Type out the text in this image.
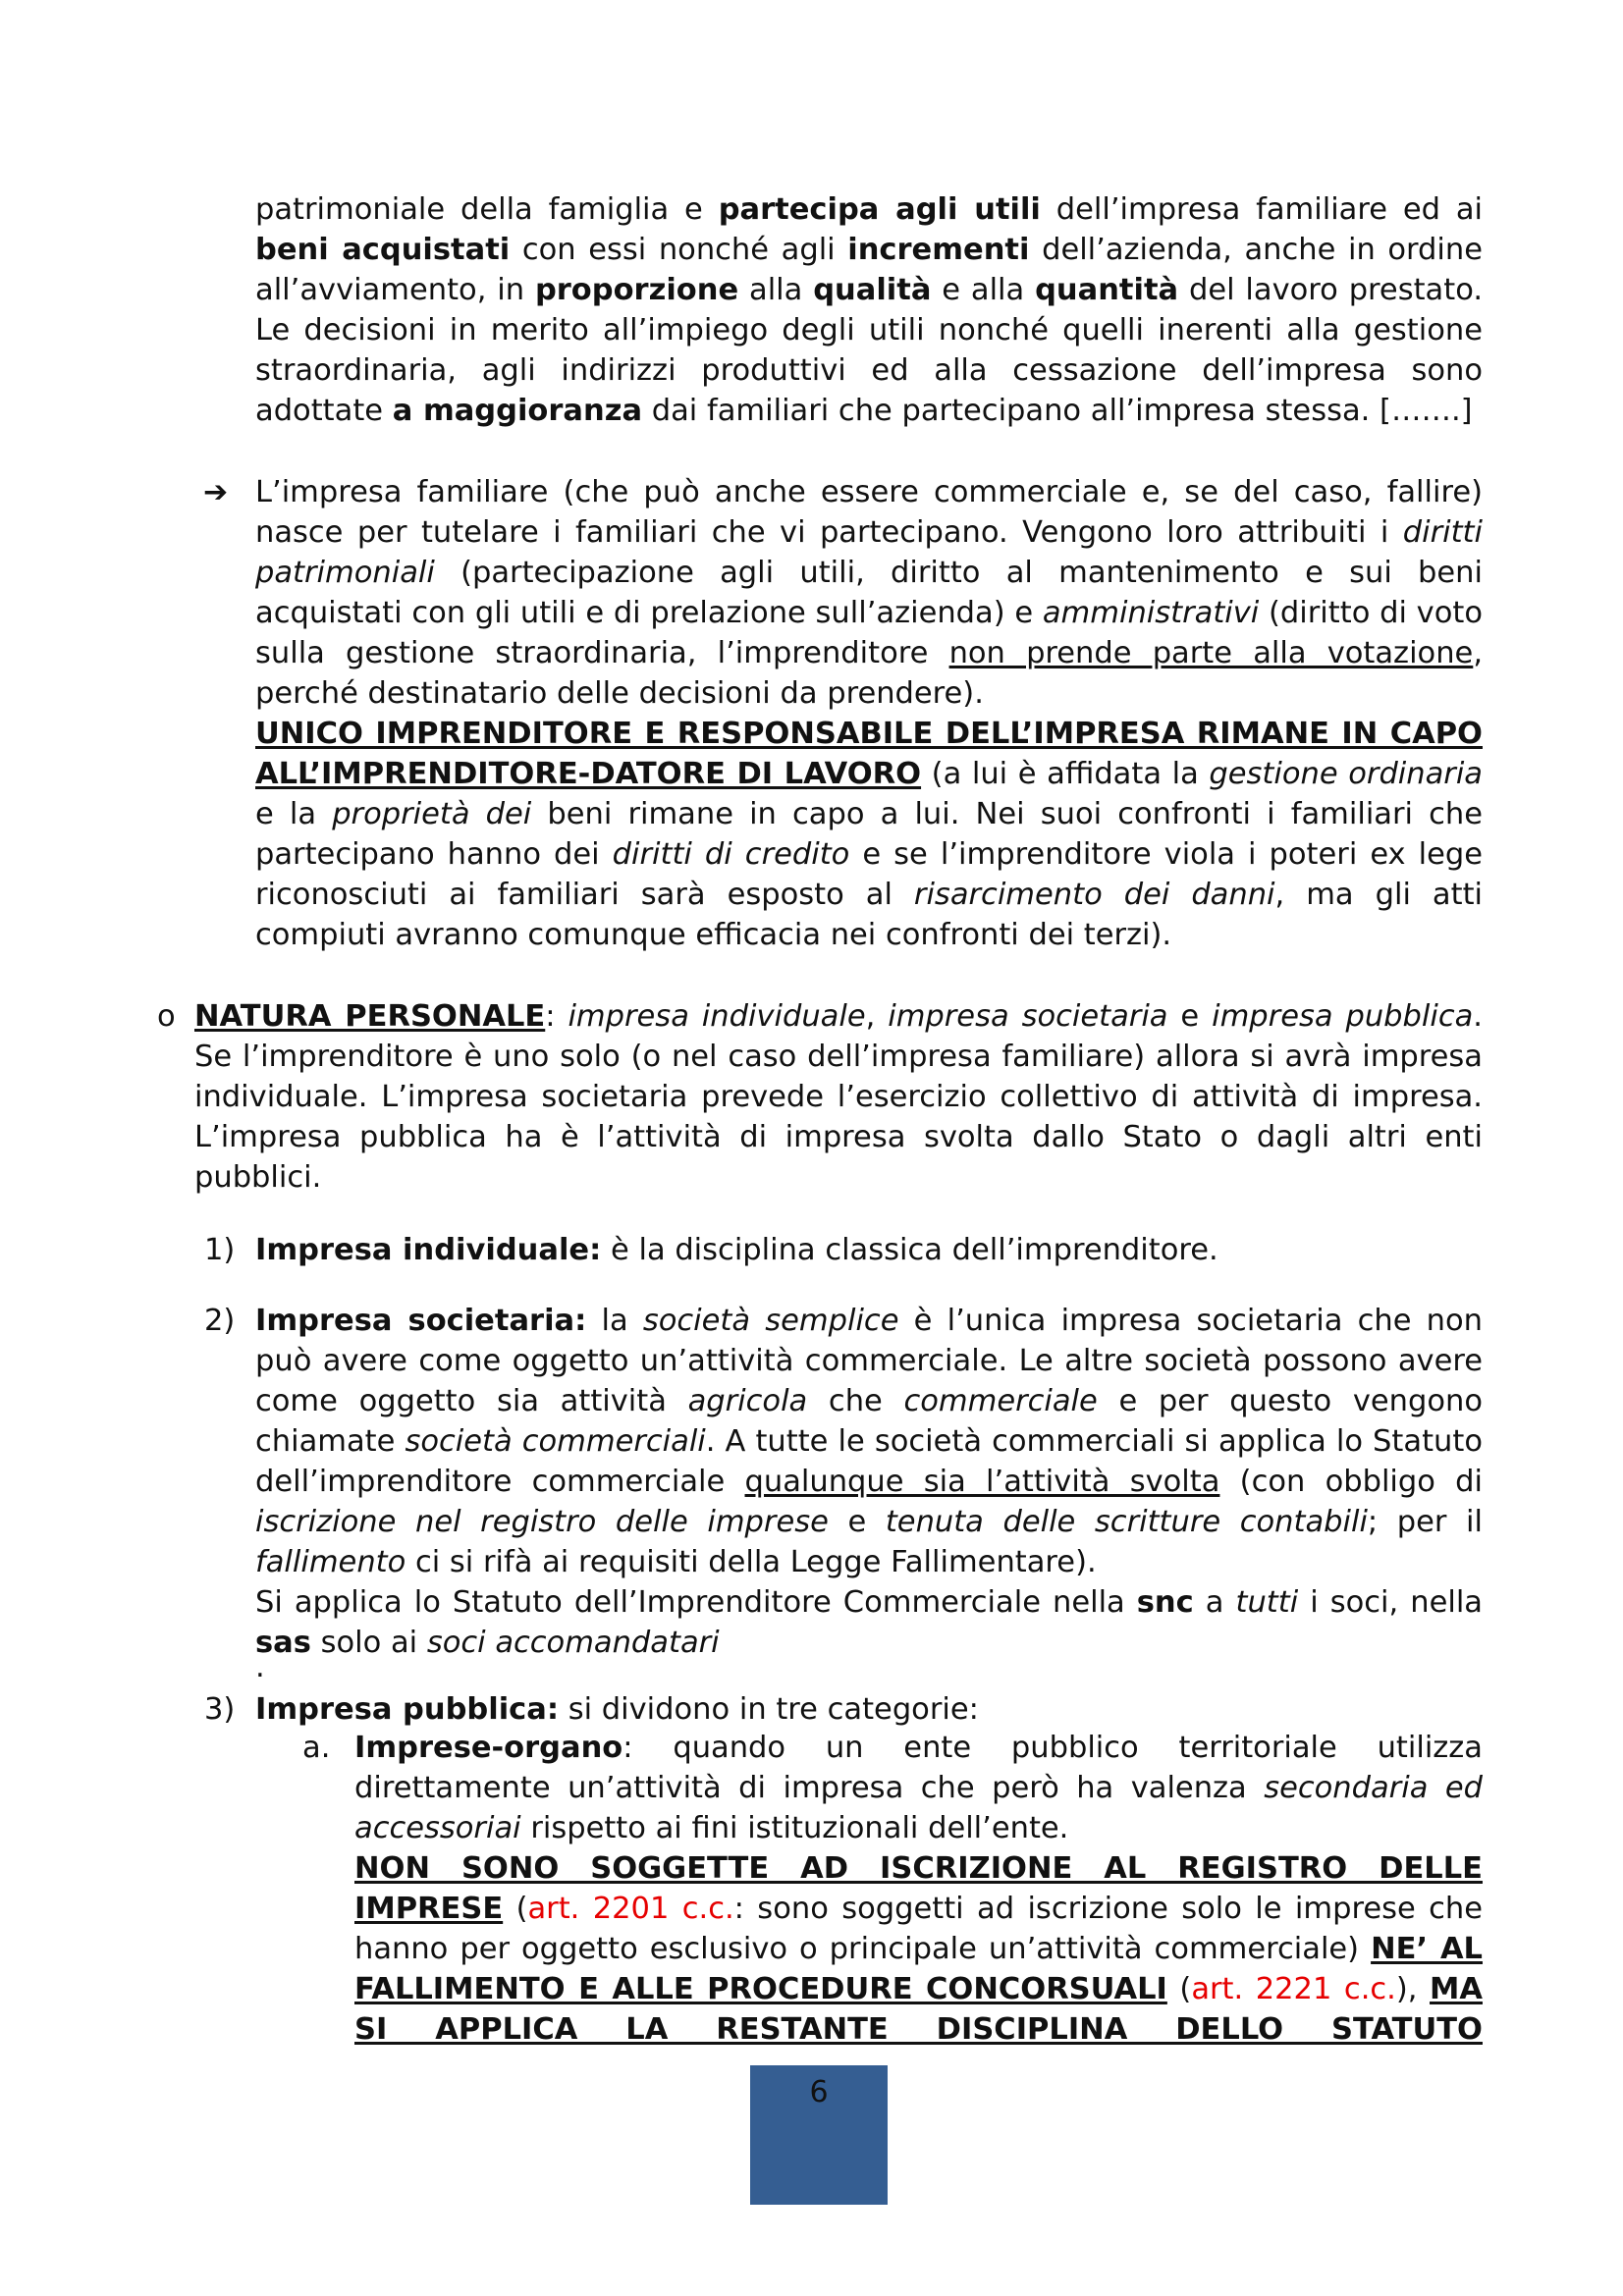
patrimoniale della famiglia e partecipa agli utili dell’impresa familiare ed ai beni acquistati con essi nonché agli incrementi dell’azienda, anche in ordine all’avviamento, in proporzione alla qualità e alla quantità del lavoro prestato. Le decisioni in merito all’impiego degli utili nonché quelli inerenti alla gestione straordinaria, agli indirizzi produttivi ed alla cessazione dell’impresa sono adottate a maggioranza dai familiari che partecipano all’impresa stessa. […….]

➔ L’impresa familiare (che può anche essere commerciale e, se del caso, fallire) nasce per tutelare i familiari che vi partecipano. Vengono loro attribuiti i diritti patrimoniali (partecipazione agli utili, diritto al mantenimento e sui beni acquistati con gli utili e di prelazione sull’azienda) e amministrativi (diritto di voto sulla gestione straordinaria, l’imprenditore non prende parte alla votazione, perché destinatario delle decisioni da prendere).

UNICO IMPRENDITORE E RESPONSABILE DELL’IMPRESA RIMANE IN CAPO ALL’IMPRENDITORE-DATORE DI LAVORO (a lui è affidata la gestione ordinaria e la proprietà dei beni rimane in capo a lui. Nei suoi confronti i familiari che partecipano hanno dei diritti di credito e se l’imprenditore viola i poteri ex lege riconosciuti ai familiari sarà esposto al risarcimento dei danni, ma gli atti compiuti avranno comunque efficacia nei confronti dei terzi).

o NATURA PERSONALE: impresa individuale, impresa societaria e impresa pubblica. Se l’imprenditore è uno solo (o nel caso dell’impresa familiare) allora si avrà impresa individuale. L’impresa societaria prevede l’esercizio collettivo di attività di impresa. L’impresa pubblica ha è l’attività di impresa svolta dallo Stato o dagli altri enti pubblici.

1) Impresa individuale: è la disciplina classica dell’imprenditore.

2) Impresa societaria: la società semplice è l’unica impresa societaria che non può avere come oggetto un’attività commerciale. Le altre società possono avere come oggetto sia attività agricola che commerciale e per questo vengono chiamate società commerciali. A tutte le società commerciali si applica lo Statuto dell’imprenditore commerciale qualunque sia l’attività svolta (con obbligo di iscrizione nel registro delle imprese e tenuta delle scritture contabili; per il fallimento ci si rifà ai requisiti della Legge Fallimentare).

Si applica lo Statuto dell’Imprenditore Commerciale nella snc a tutti i soci, nella sas solo ai soci accomandatari

.

3) Impresa pubblica: si dividono in tre categorie:

a. Imprese-organo: quando un ente pubblico territoriale utilizza direttamente un’attività di impresa che però ha valenza secondaria ed accessoriai rispetto ai fini istituzionali dell’ente.

NON SONO SOGGETTE AD ISCRIZIONE AL REGISTRO DELLE IMPRESE (art. 2201 c.c.: sono soggetti ad iscrizione solo le imprese che hanno per oggetto esclusivo o principale un’attività commerciale) NE’ AL FALLIMENTO E ALLE PROCEDURE CONCORSUALI (art. 2221 c.c.), MA SI APPLICA LA RESTANTE DISCIPLINA DELLO STATUTO

6
